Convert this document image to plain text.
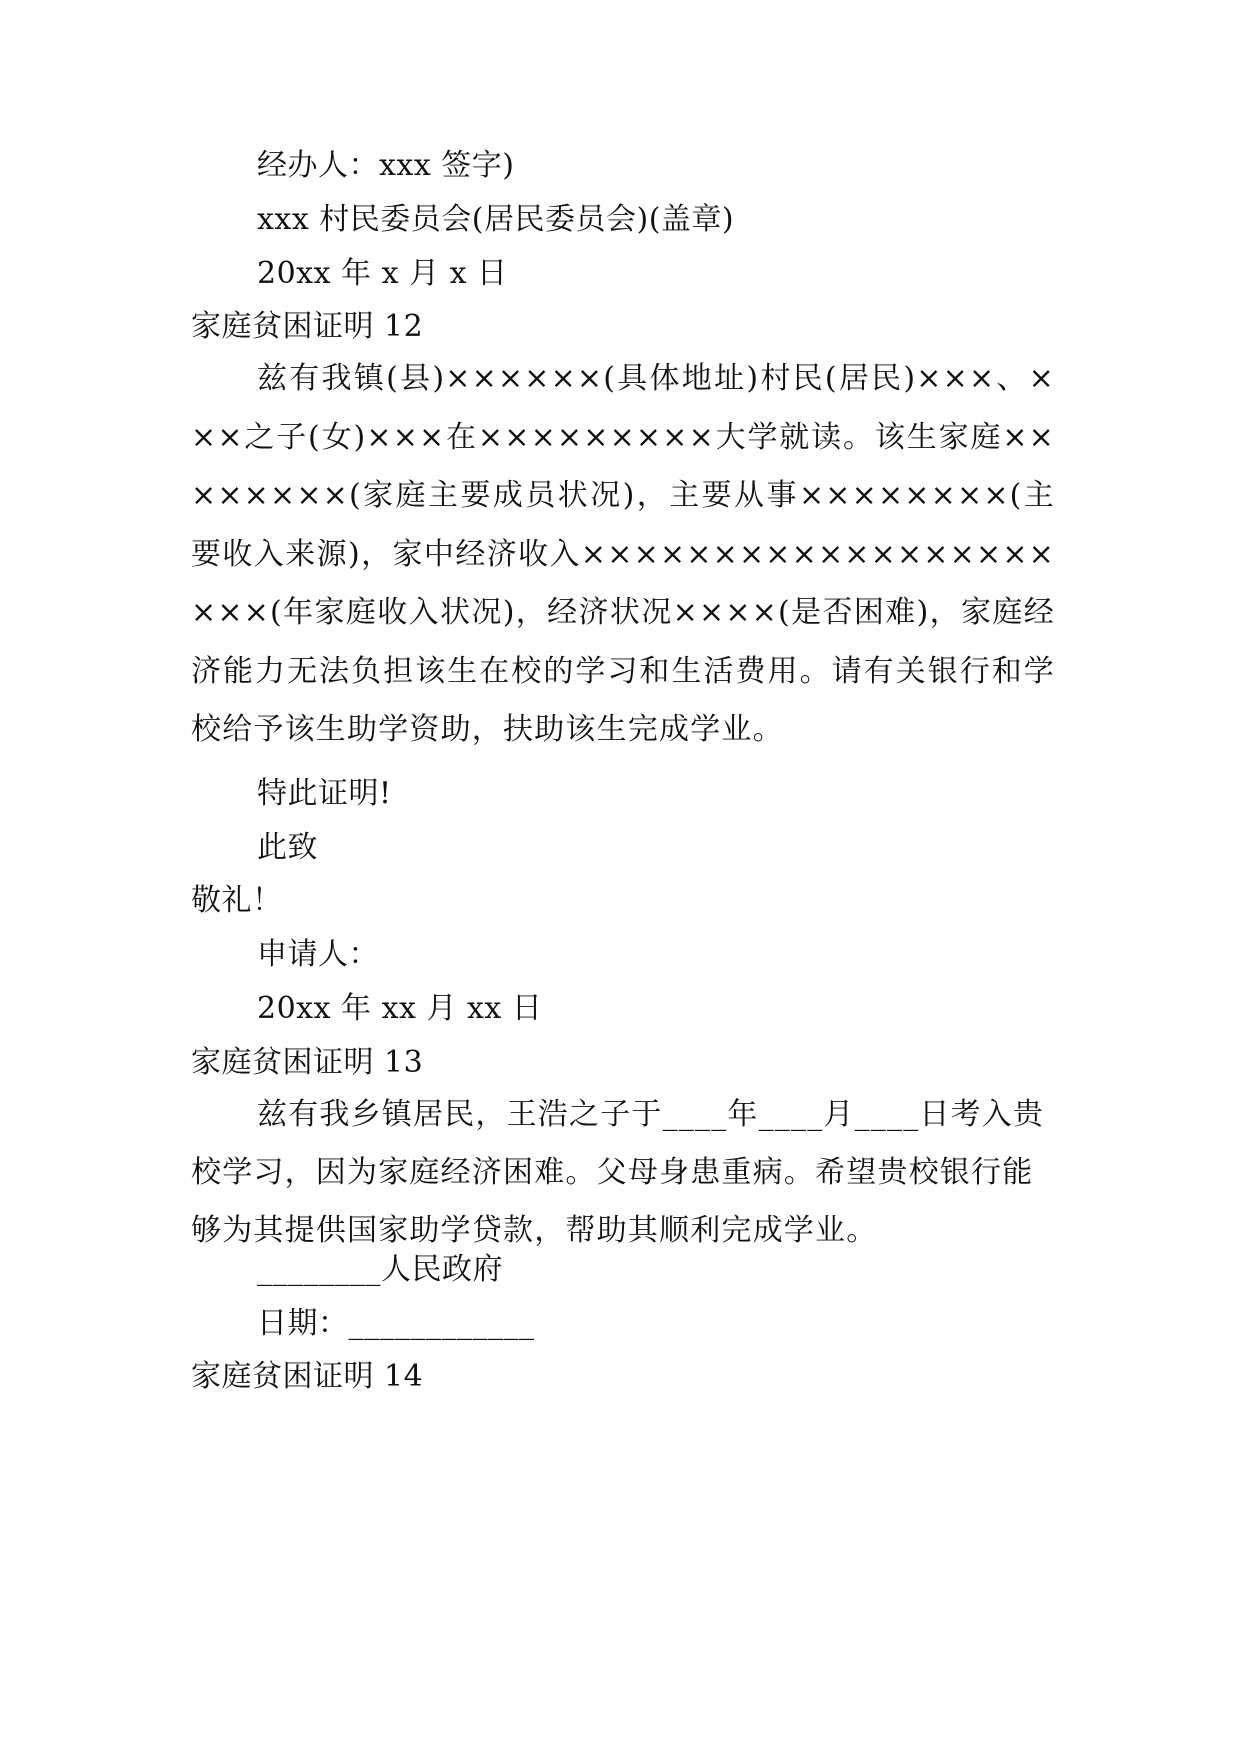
经办人：xxx 签字)
xxx 村民委员会(居民委员会)(盖章)
20xx 年 x 月 x 日
家庭贫困证明 12
兹有我镇(县)××××××(具体地址)村民(居民)×××、×××之子(女)×××在×××××××××大学就读。该生家庭××××××××(家庭主要成员状况)，主要从事××××××××(主要收入来源)，家中经济收入×××××××××××××××××××××(年家庭收入状况)，经济状况××××(是否困难)，家庭经济能力无法负担该生在校的学习和生活费用。请有关银行和学校给予该生助学资助，扶助该生完成学业。
特此证明!
此致
敬礼！
申请人：
20xx 年 xx 月 xx 日
家庭贫困证明 13
兹有我乡镇居民，王浩之子于____年____月____日考入贵校学习，因为家庭经济困难。父母身患重病。希望贵校银行能够为其提供国家助学贷款，帮助其顺利完成学业。
________人民政府
日期：____________
家庭贫困证明 14
